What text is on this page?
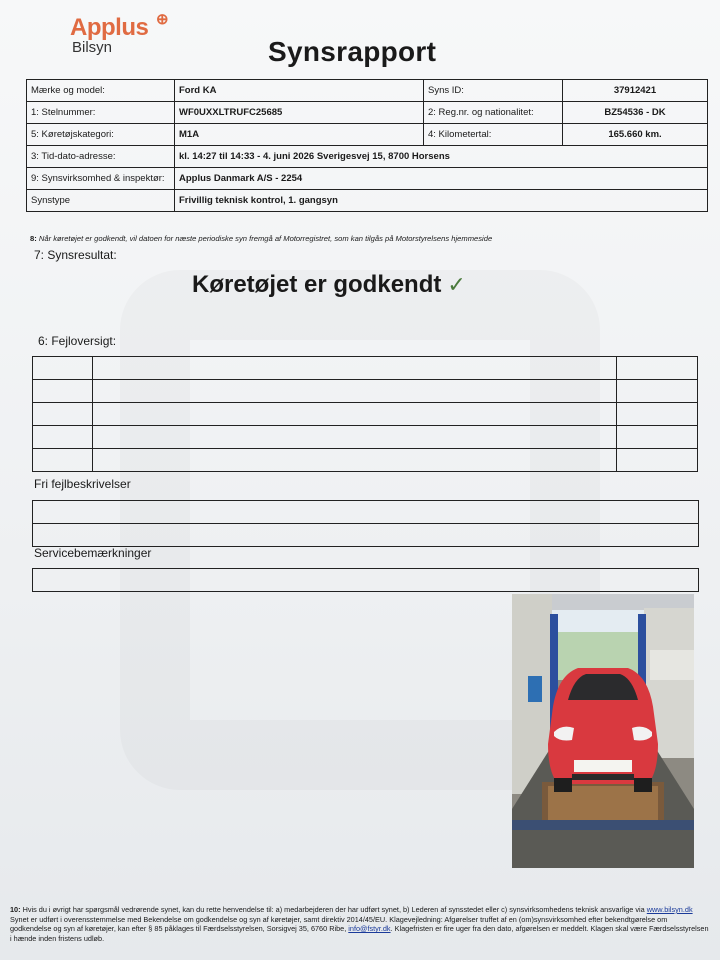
Applus ⊕
Bilsyn	Synsrapport
Mærke og model:	Ford KA	Syns ID:	37912421
1: Stelnummer:	WF0UXXLTRUFC25685	2: Reg.nr. og nationalitet:	BZ54536 - DK
5: Køretøjskategori:	M1A	4: Kilometertal:	165.660 km.
3: Tid-dato-adresse:	kl. 14:27 til 14:33 - 4. juni 2026 Sverigesvej 15, 8700 Horsens		
9: Synsvirksomhed & inspektør:	Applus Danmark A/S - 2254		
Synstype	Frivillig teknisk kontrol, 1. gangsyn		
8: Når køretøjet er godkendt, vil datoen for næste periodiske syn fremgå af Motorregistret, som kan tilgås på Motorstyrelsens hjemmeside
7: Synsresultat:
Køretøjet er godkendt ✓
6: Fejloversigt:

Fri fejlbeskrivelser
Servicebemærkninger
10: Hvis du i øvrigt har spørgsmål vedrørende synet, kan du rette henvendelse til: a) medarbejderen der har udført synet, b) Lederen af synsstedet eller c) synsvirksomhedens teknisk ansvarlige via www.bilsyn.dk
Synet er udført i overensstemmelse med Bekendelse om godkendelse og syn af køretøjer, samt direktiv 2014/45/EU. Klagevejledning: Afgørelser truffet af en (om)synsvirksomhed efter bekendtgørelse om godkendelse og syn af køretøjer, kan efter § 85 påklages til Færdselsstyrelsen, Sorsigvej 35, 6760 Ribe, info@fstyr.dk. Klagefristen er fire uger fra den dato, afgørelsen er meddelt. Klagen skal være Færdselsstyrelsen i hænde inden fristens udløb.
